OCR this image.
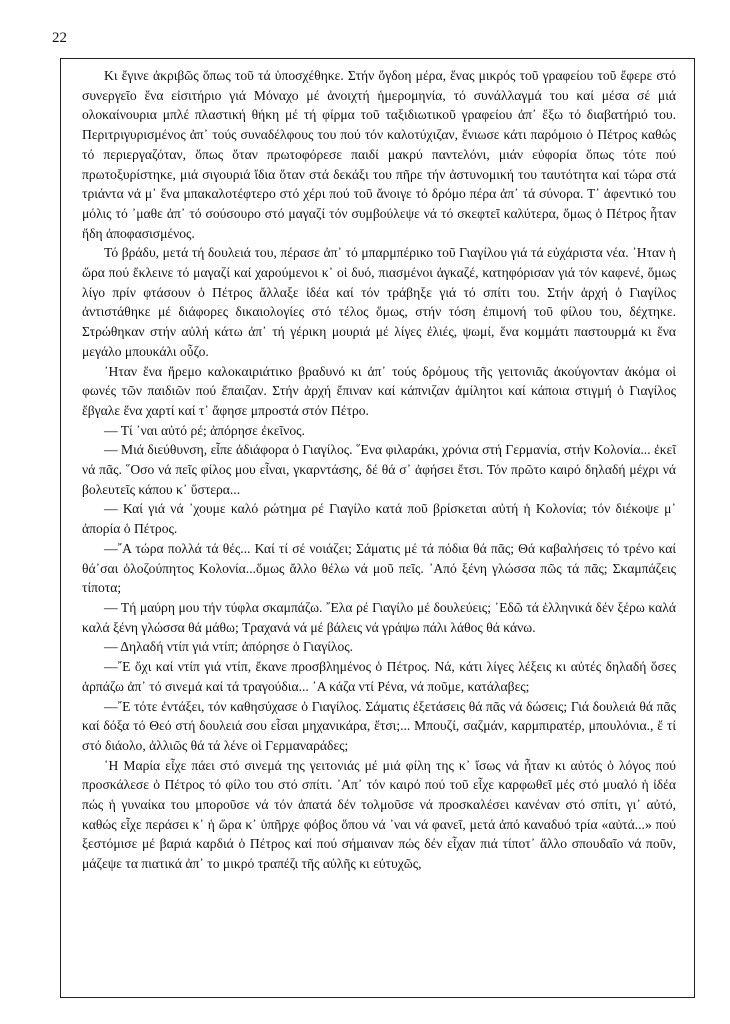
22

Κι ἔγινε ἀκριβῶς ὅπως τοῦ τά ὑποσχέθηκε. Στήν ὄγδοη μέρα, ἕνας μικρός τοῦ γραφείου τοῦ ἔφερε στό συνεργεῖο ἕνα εἰσιτήριο γιά Μόναχο μέ ἀνοιχτή ἡμερομηνία, τό συνάλλαγμά του καί μέσα σέ μιά ολοκαίνουρια μπλέ πλαστική θήκη μέ τή φίρμα τοῦ ταξιδιωτικοῦ γραφείου ἀπ᾿ ἔξω τό διαβατήριό του. Περιτριγυρισμένος ἀπ᾿ τούς συναδέλφους του πού τόν καλοτύχιζαν, ἔνιωσε κάτι παρόμοιο ὁ Πέτρος καθώς τό περιεργαζόταν, ὅπως ὅταν πρωτοφόρεσε παιδί μακρύ παντελόνι, μιάν εὐφορία ὅπως τότε πού πρωτοξυρίστηκε, μιά σιγουριά ἴδια ὅταν στά δεκάξι του πῆρε τήν ἀστυνομική του ταυτότητα καί τώρα στά τριάντα νά μ᾿ ἕνα μπακαλοτέφτερο στό χέρι πού τοῦ ἄνοιγε τό δρόμο πέρα ἀπ᾿ τά σύνορα. Τ᾿ ἀφεντικό του μόλις τό ᾿μαθε ἀπ᾿ τό σούσουρο στό μαγαζί τόν συμβούλεψε νά τό σκεφτεῖ καλύτερα, ὅμως ὁ Πέτρος ἦταν ἤδη ἀποφασισμένος.

Τό βράδυ, μετά τή δουλειά του, πέρασε ἀπ᾿ τό μπαρμπέρικο τοῦ Γιαγίλου γιά τά εὐχάριστα νέα. ᾿Ηταν ἡ ὥρα πού ἔκλεινε τό μαγαζί καί χαρούμενοι κ᾿ οἱ δυό, πιασμένοι ἀγκαζέ, κατηφόρισαν γιά τόν καφενέ, ὅμως λίγο πρίν φτάσουν ὁ Πέτρος ἄλλαξε ἰδέα καί τόν τράβηξε γιά τό σπίτι του. Στήν ἀρχή ὁ Γιαγίλος ἀντιστάθηκε μέ διάφορες δικαιολογίες στό τέλος ὅμως, στήν τόση ἐπιμονή τοῦ φίλου του, δέχτηκε. Στρώθηκαν στήν αὐλή κάτω ἀπ᾿ τή γέρικη μουριά μέ λίγες ἐλιές, ψωμί, ἕνα κομμάτι παστουρμά κι ἕνα μεγάλο μπουκάλι οὖζο.

᾿Ηταν ἕνα ἤρεμο καλοκαιριάτικο βραδυνό κι ἀπ᾿ τούς δρόμους τῆς γειτονιᾶς ἀκούγονταν ἀκόμα οἱ φωνές τῶν παιδιῶν πού ἔπαιζαν. Στήν ἀρχή ἔπιναν καί κάπνιζαν ἀμίλητοι καί κάποια στιγμή ὁ Γιαγίλος ἔβγαλε ἕνα χαρτί καί τ᾿ ἄφησε μπροστά στόν Πέτρο.

— Τί ᾿ναι αὐτό ρέ; ἀπόρησε ἐκεῖνος.

— Μιά διεύθυνση, εἶπε ἀδιάφορα ὁ Γιαγίλος. ῞Ενα φιλαράκι, χρόνια στή Γερμανία, στήν Κολονία... ἐκεῖ νά πᾶς. ῞Οσο νά πεῖς φίλος μου εἶναι, γκαρντάσης, δέ θά σ᾿ ἀφήσει ἔτσι. Τόν πρῶτο καιρό δηλαδή μέχρι νά βολευτεῖς κάπου κ᾿ ὕστερα...

— Καί γιά νά ᾿χουμε καλό ρώτημα ρέ Γιαγίλο κατά ποῦ βρίσκεται αὐτή ἡ Κολονία; τόν διέκοψε μ᾿ ἀπορία ὁ Πέτρος.

—῎Α τώρα πολλά τά θές... Καί τί σέ νοιάζει; Σάματις μέ τά πόδια θά πᾶς; Θά καβαλήσεις τό τρένο καί θά᾿σαι ὁλοζούπητος Κολονία...ὅμως ἄλλο θέλω νά μοῦ πεῖς. ᾿Από ξένη γλώσσα πῶς τά πᾶς; Σκαμπάζεις τίποτα;

— Τή μαύρη μου τήν τύφλα σκαμπάζω. ῎Ελα ρέ Γιαγίλο μέ δουλεύεις; ᾿Εδῶ τά ἑλληνικά δέν ξέρω καλά καλά ξένη γλώσσα θά μάθω; Τραχανά νά μέ βάλεις νά γράψω πάλι λάθος θά κάνω.

— Δηλαδή ντίπ γιά ντίπ; ἀπόρησε ὁ Γιαγίλος.

—῎Ε ὄχι καί ντίπ γιά ντίπ, ἔκανε προσβλημένος ὁ Πέτρος. Νά, κάτι λίγες λέξεις κι αὐτές δηλαδή ὅσες ἁρπάζω ἀπ᾿ τό σινεμά καί τά τραγούδια... ᾿Α κάζα ντί Ρένα, νά ποῦμε, κατάλαβες;

—῎Ε τότε ἐντάξει, τόν καθησύχασε ὁ Γιαγίλος. Σάματις ἐξετάσεις θά πᾶς νά δώσεις; Γιά δουλειά θά πᾶς καί δόξα τό Θεό στή δουλειά σου εἶσαι μηχανικάρα, ἔτσι;... Μπουζί, σαζμάν, καρμπιρατέρ, μπουλόνια., ἔ τί στό διάολο, ἀλλιῶς θά τά λένε οἱ Γερμαναράδες;

῾Η Μαρία εἶχε πάει στό σινεμά της γειτονιάς μέ μιά φίλη της κ᾿ ἴσως νά ἦταν κι αὐτός ὁ λόγος πού προσκάλεσε ὁ Πέτρος τό φίλο του στό σπίτι. ᾿Απ᾿ τόν καιρό πού τοῦ εἶχε καρφωθεῖ μές στό μυαλό ἡ ἰδέα πώς ἡ γυναίκα του μποροῦσε νά τόν ἀπατά δέν τολμοῦσε νά προσκαλέσει κανέναν στό σπίτι, γι᾿ αὐτό, καθώς εἶχε περάσει κ᾿ ἡ ὥρα κ᾿ ὑπῆρχε φόβος ὅπου νά ᾿ναι νά φανεῖ, μετά ἀπό καναδυό τρία «αὐτά...» πού ξεστόμισε μέ βαριά καρδιά ὁ Πέτρος καί πού σήμαιναν πώς δέν εἶχαν πιά τίποτ᾿ ἄλλο σπουδαῖο νά ποῦν, μάζεψε τα πιατικά ἀπ᾿ το μικρό τραπέζι τῆς αὐλῆς κι εὐτυχῶς,
